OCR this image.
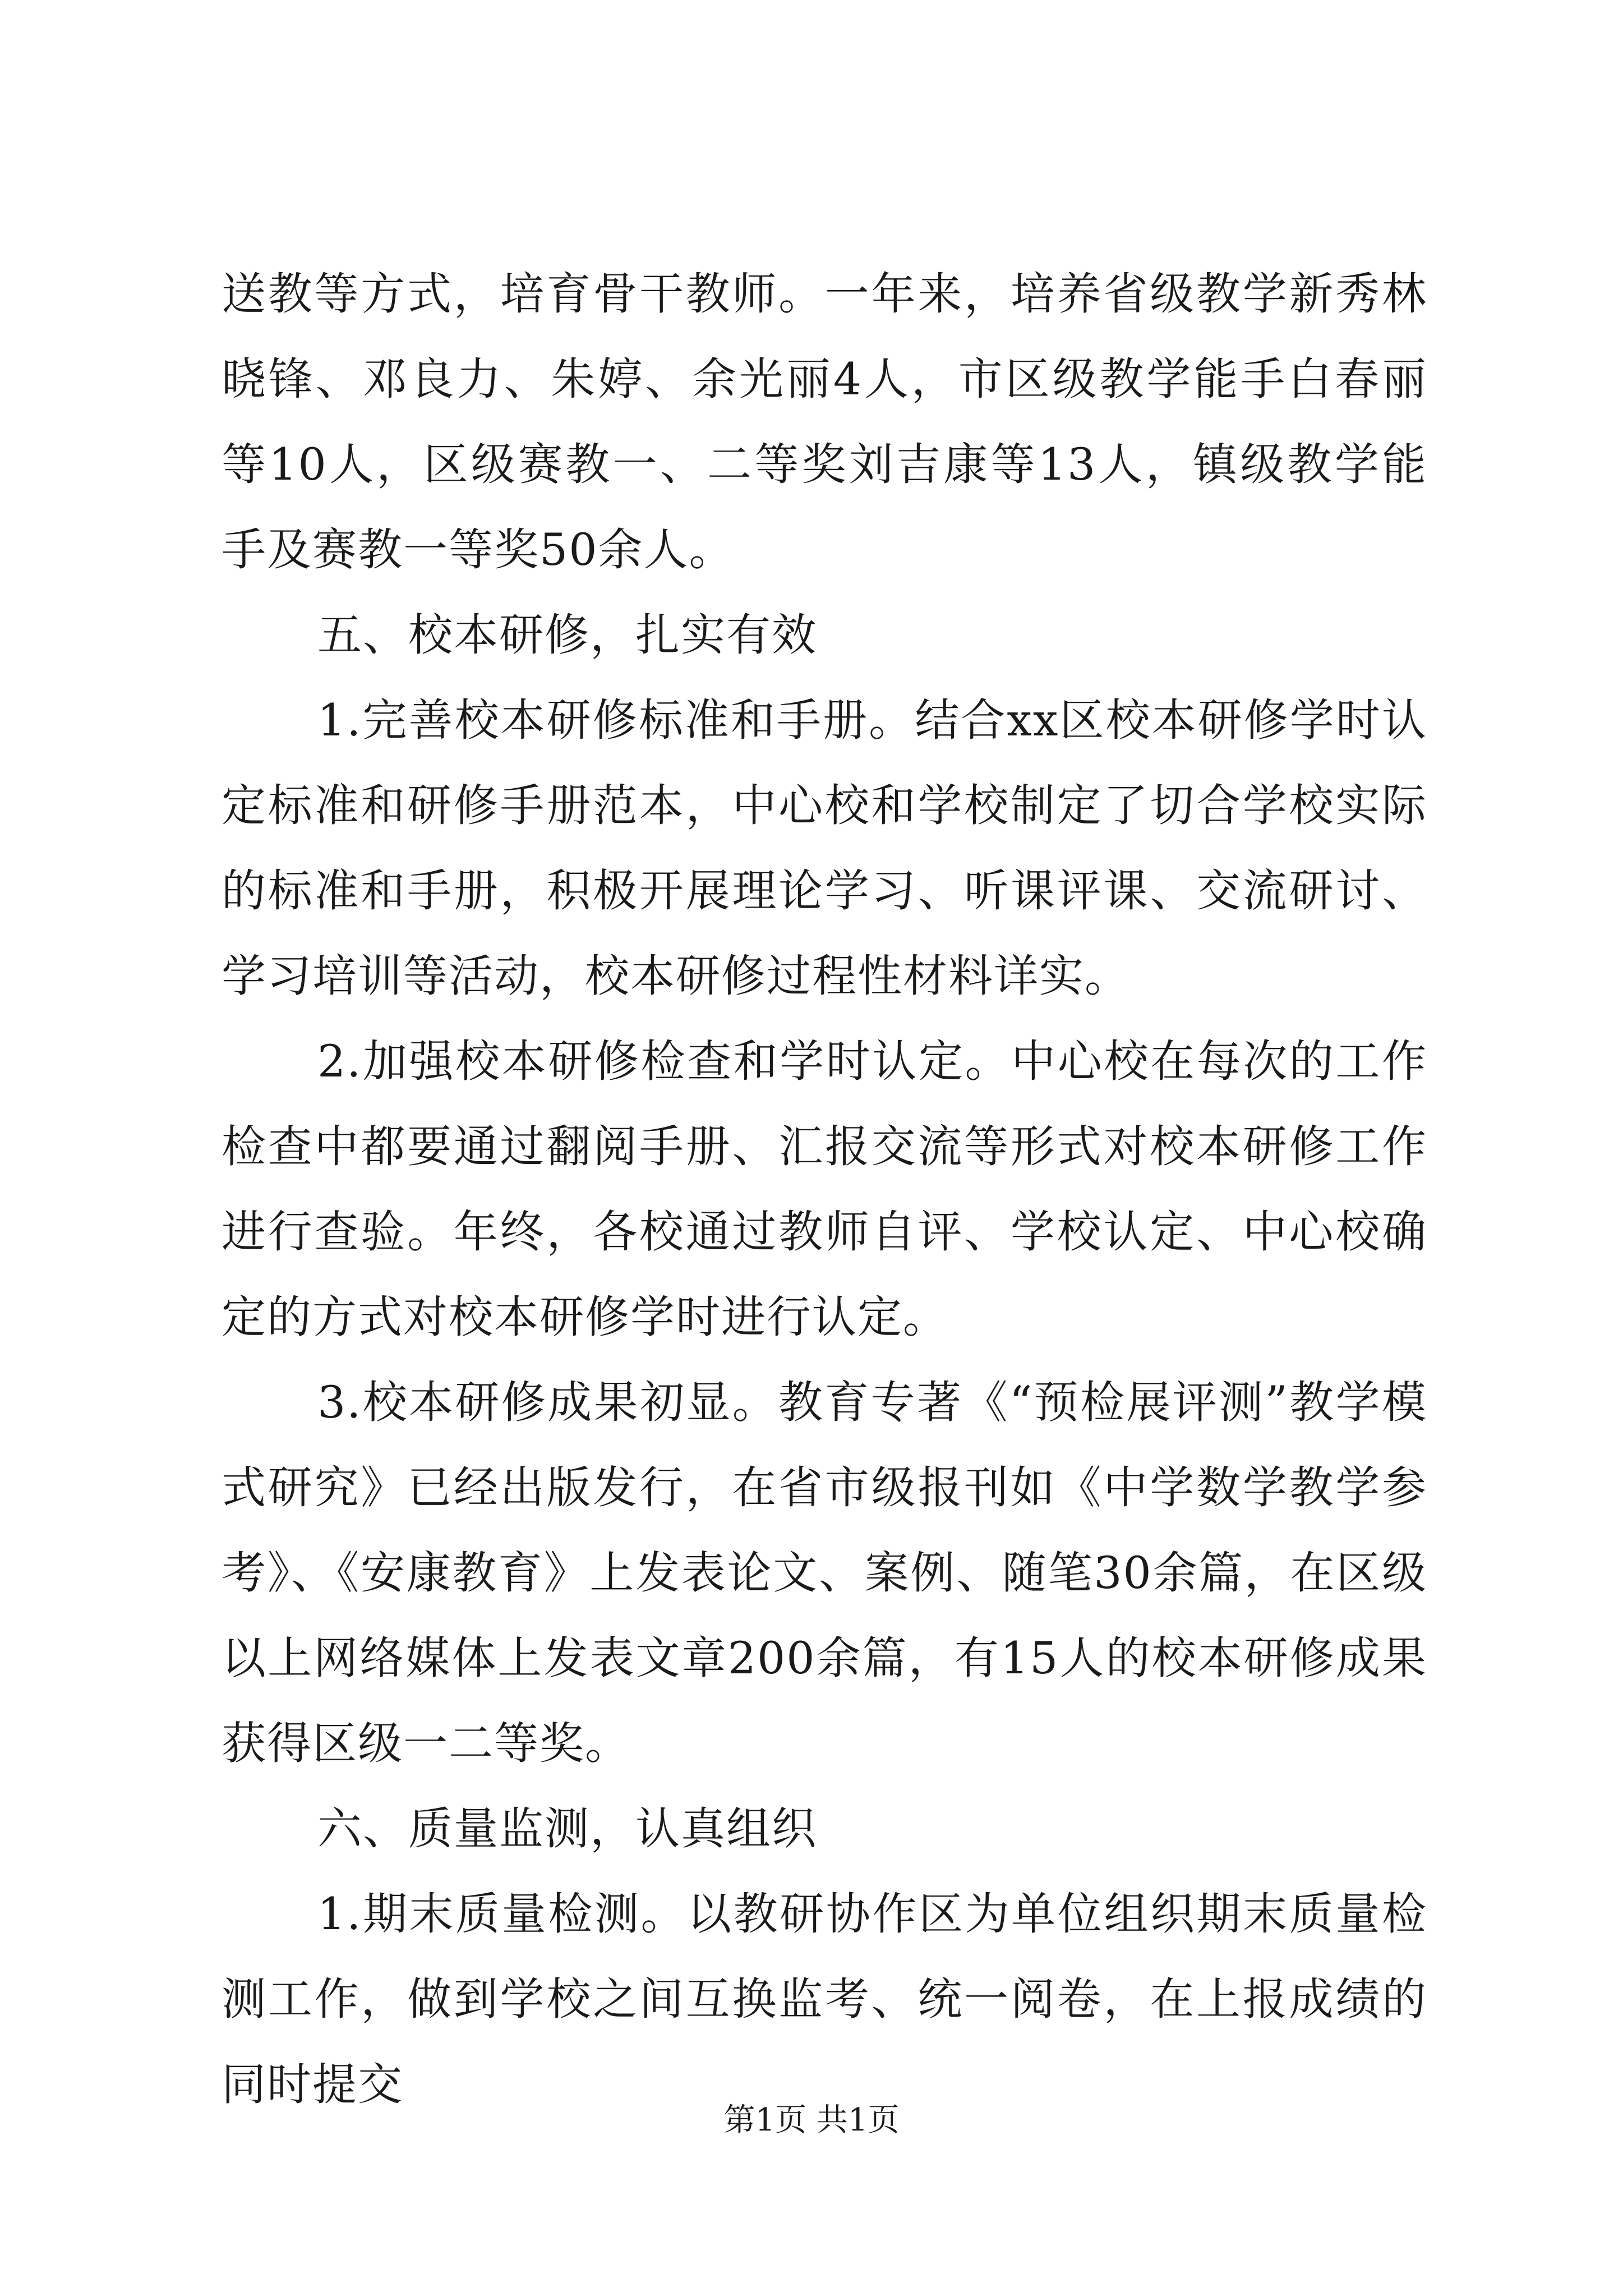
送教等方式，培育骨干教师。一年来，培养省级教学新秀林晓锋、邓良力、朱婷、余光丽4人，市区级教学能手白春丽等10人，区级赛教一、二等奖刘吉康等13人，镇级教学能手及赛教一等奖50余人。

五、校本研修，扎实有效

1.完善校本研修标准和手册。结合xx区校本研修学时认定标准和研修手册范本，中心校和学校制定了切合学校实际的标准和手册，积极开展理论学习、听课评课、交流研讨、学习培训等活动，校本研修过程性材料详实。

2.加强校本研修检查和学时认定。中心校在每次的工作检查中都要通过翻阅手册、汇报交流等形式对校本研修工作进行查验。年终，各校通过教师自评、学校认定、中心校确定的方式对校本研修学时进行认定。

3.校本研修成果初显。教育专著《“预检展评测”教学模式研究》已经出版发行，在省市级报刊如《中学数学教学参考》、《安康教育》上发表论文、案例、随笔30余篇，在区级以上网络媒体上发表文章200余篇，有15人的校本研修成果获得区级一二等奖。

六、质量监测，认真组织

1.期末质量检测。以教研协作区为单位组织期末质量检测工作，做到学校之间互换监考、统一阅卷，在上报成绩的同时提交

第1页 共1页
